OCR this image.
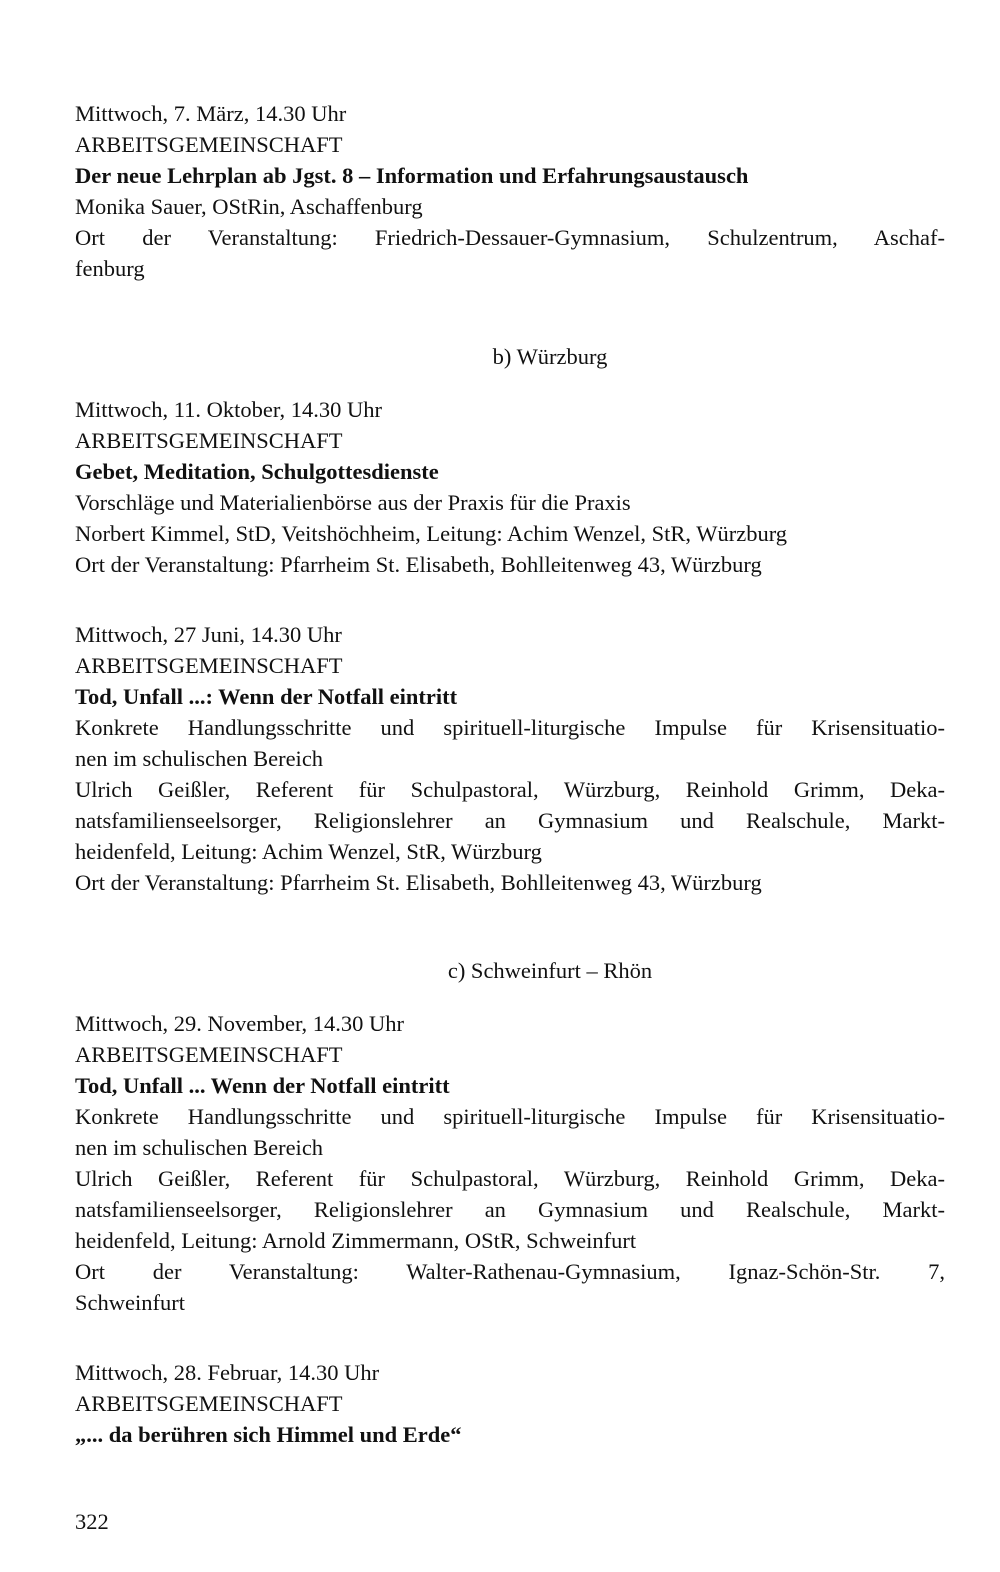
Mittwoch, 7. März, 14.30 Uhr
ARBEITSGEMEINSCHAFT
Der neue Lehrplan ab Jgst. 8 – Information und Erfahrungsaustausch
Monika Sauer, OStRin, Aschaffenburg
Ort der Veranstaltung: Friedrich-Dessauer-Gymnasium, Schulzentrum, Aschaf-
fenburg
b) Würzburg
Mittwoch, 11. Oktober, 14.30 Uhr
ARBEITSGEMEINSCHAFT
Gebet, Meditation, Schulgottesdienste
Vorschläge und Materialienbörse aus der Praxis für die Praxis
Norbert Kimmel, StD, Veitshöchheim, Leitung: Achim Wenzel, StR, Würzburg
Ort der Veranstaltung: Pfarrheim St. Elisabeth, Bohlleitenweg 43, Würzburg
Mittwoch, 27 Juni, 14.30 Uhr
ARBEITSGEMEINSCHAFT
Tod, Unfall ...: Wenn der Notfall eintritt
Konkrete Handlungsschritte und spirituell-liturgische Impulse für Krisensituatio-
nen im schulischen Bereich
Ulrich Geißler, Referent für Schulpastoral, Würzburg, Reinhold Grimm, Deka-
natsfamilienseelsorger, Religionslehrer an Gymnasium und Realschule, Markt-
heidenfeld, Leitung: Achim Wenzel, StR, Würzburg
Ort der Veranstaltung: Pfarrheim St. Elisabeth, Bohlleitenweg 43, Würzburg
c) Schweinfurt – Rhön
Mittwoch, 29. November, 14.30 Uhr
ARBEITSGEMEINSCHAFT
Tod, Unfall ... Wenn der Notfall eintritt
Konkrete Handlungsschritte und spirituell-liturgische Impulse für Krisensituatio-
nen im schulischen Bereich
Ulrich Geißler, Referent für Schulpastoral, Würzburg, Reinhold Grimm, Deka-
natsfamilienseelsorger, Religionslehrer an Gymnasium und Realschule, Markt-
heidenfeld, Leitung: Arnold Zimmermann, OStR, Schweinfurt
Ort der Veranstaltung: Walter-Rathenau-Gymnasium, Ignaz-Schön-Str. 7,
Schweinfurt
Mittwoch, 28. Februar, 14.30 Uhr
ARBEITSGEMEINSCHAFT
„... da berühren sich Himmel und Erde“
322
